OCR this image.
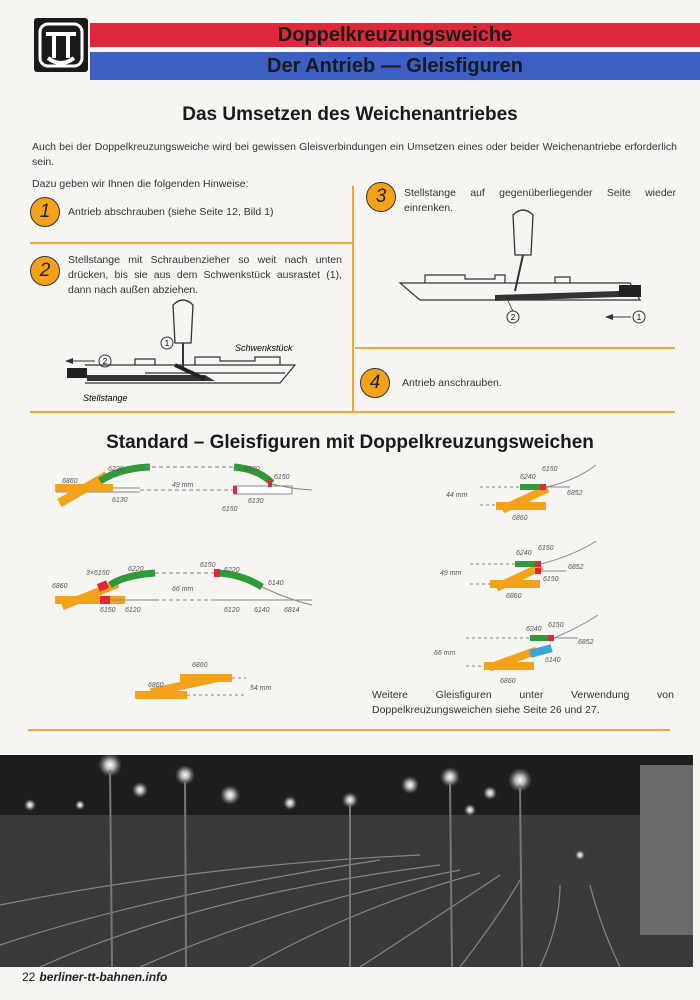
Doppelkreuzungsweiche
Der Antrieb — Gleisfiguren
Das Umsetzen des Weichenantriebes
Auch bei der Doppelkreuzungsweiche wird bei gewissen Gleisverbindungen ein Umsetzen eines oder beider Weichenantriebe erforderlich sein.
Dazu geben wir Ihnen die folgenden Hinweise:
1	Antrieb abschrauben (siehe Seite 12, Bild 1)
3	Stellstange auf gegenüberliegender Seite wieder einrenken.
2	Stellstange mit Schraubenzieher so weit nach unten drücken, bis sie aus dem Schwenkstück ausrastet (1), dann nach außen abziehen.
4	Antrieb anschrauben.
2
1	Schwenkstück
Stellstange
2	1
Standard – Gleisfiguren mit Doppelkreuzungsweichen
6860
6220
6130
49 mm
6220
6150
6130
6150
6860
3×6150
6220
6150 6120
66 mm
6150
6220
6140
6120 6140 6814
6860
6860	54 mm
6240
6150
6852
44 mm
6860
6240
6150
6852
6150
49 mm
6860
6240
6150
6852
6140
66 mm
6860
Weitere Gleisfiguren unter Verwendung von Doppelkreuzungsweichen siehe Seite 26 und 27.
22 berliner-tt-bahnen.info
